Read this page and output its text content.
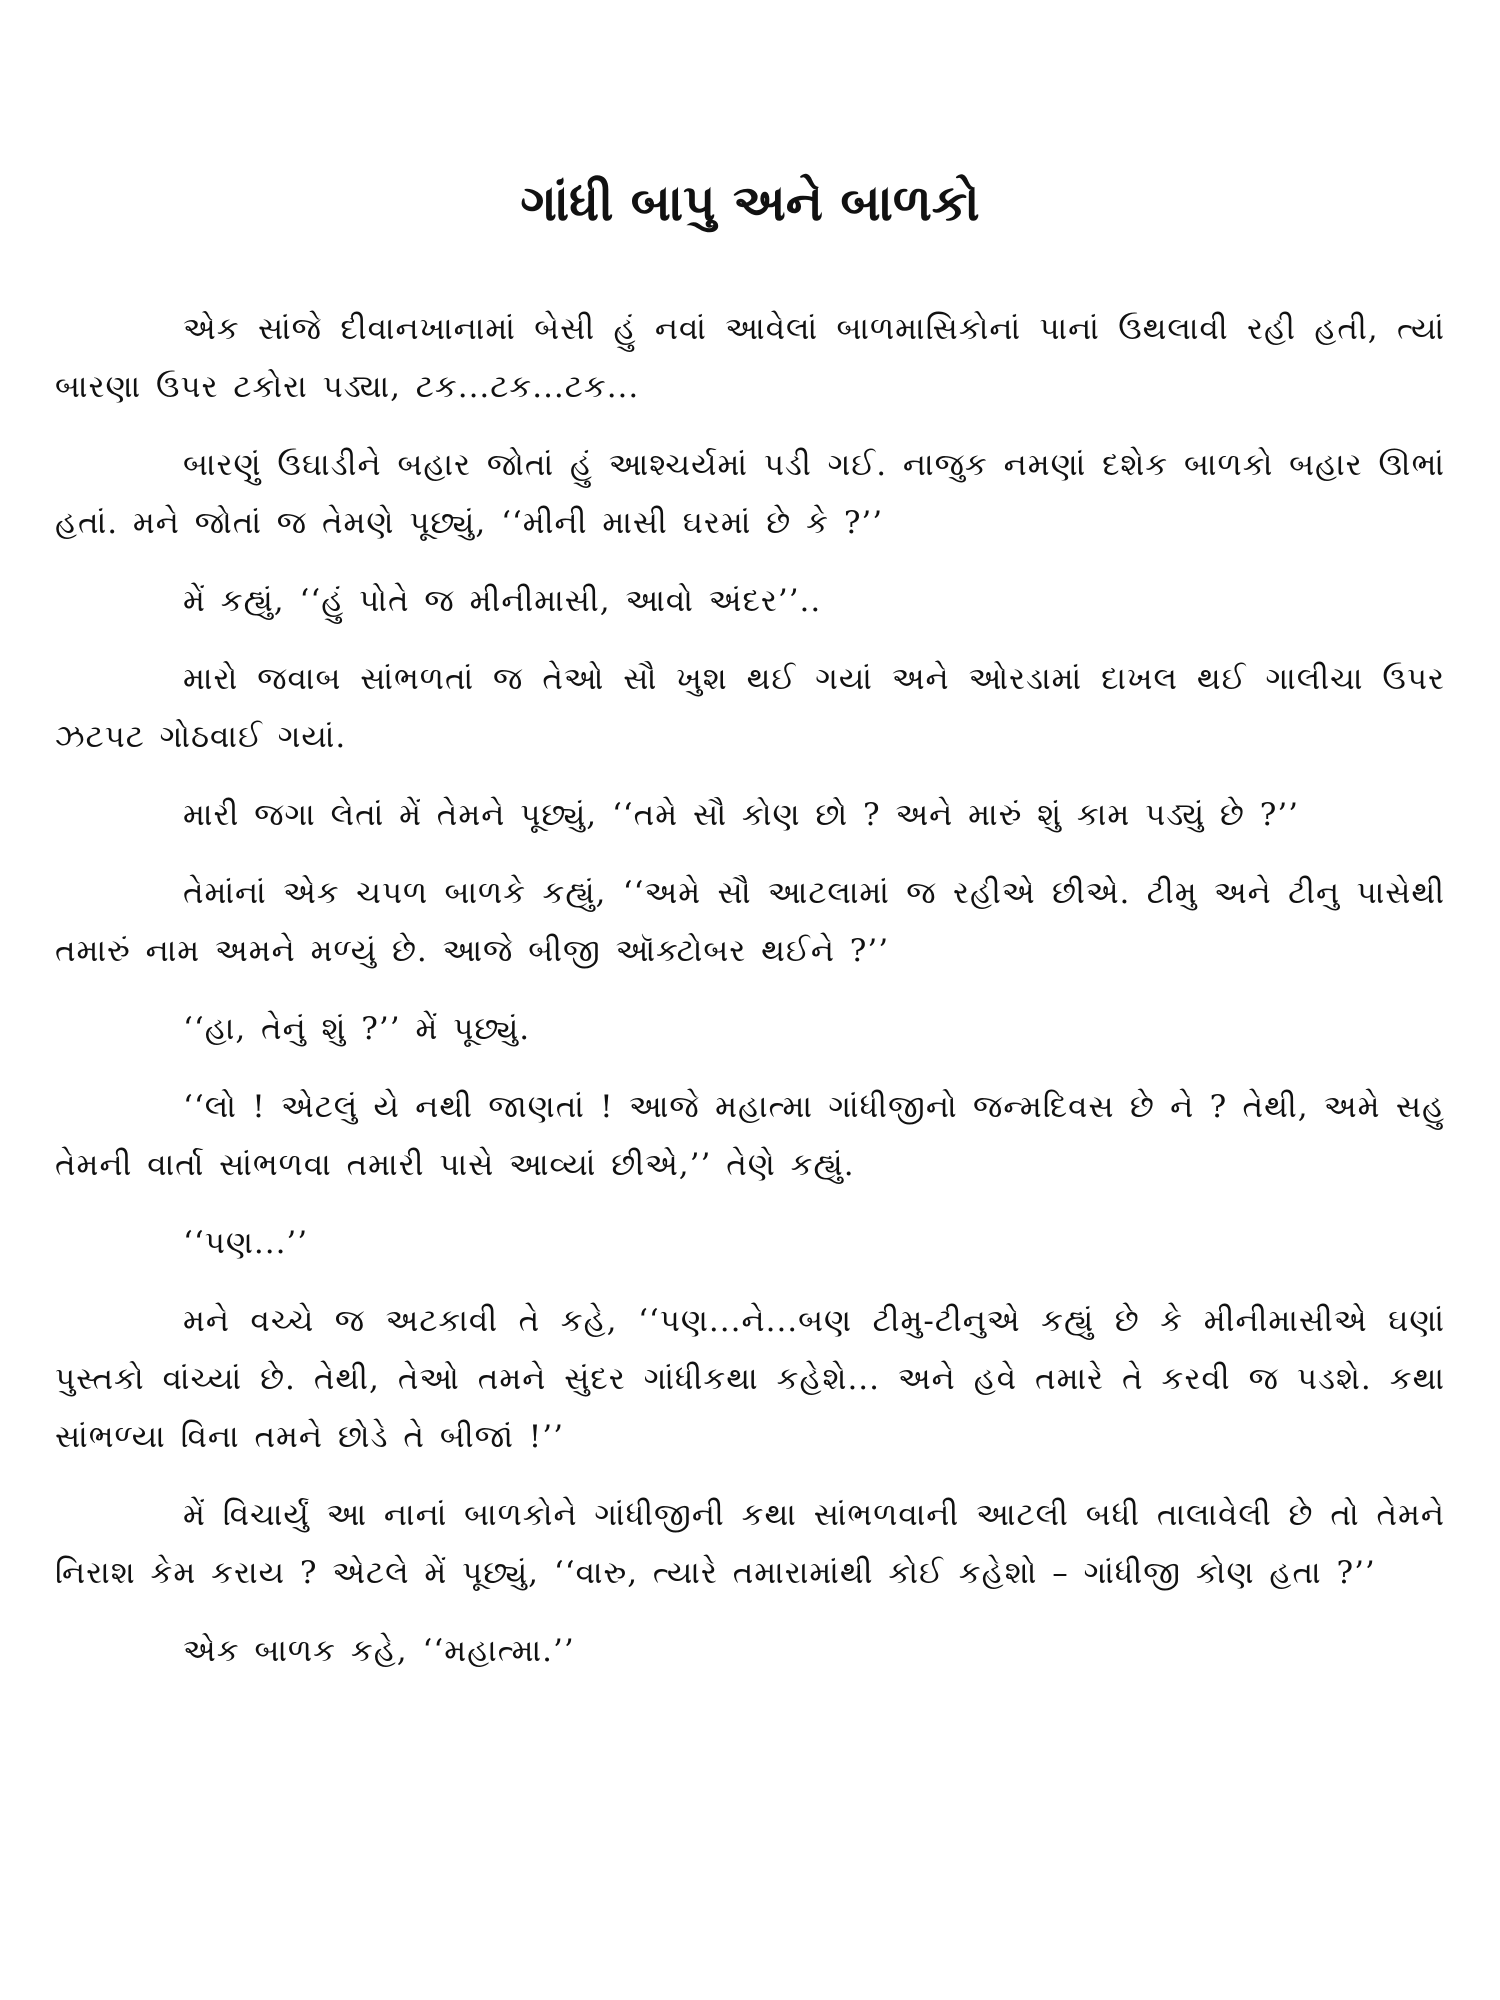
ગાંધી બાપુ અને બાળકો

એક સાંજે દીવાનખાનામાં બેસી હું નવાં આવેલાં બાળમાસિકોનાં પાનાં ઉથલાવી રહી હતી, ત્યાં બારણા ઉપર ટકોરા પડ્યા, ટક...ટક...ટક...

બારણું ઉઘાડીને બહાર જોતાં હું આશ્ચર્યમાં પડી ગઈ. નાજુક નમણાં દશેક બાળકો બહાર ઊભાં હતાં. મને જોતાં જ તેમણે પૂછ્યું, ‘‘મીની માસી ઘરમાં છે કે ?’’

મેં કહ્યું, ‘‘હું પોતે જ મીનીમાસી, આવો અંદર’’..

મારો જવાબ સાંભળતાં જ તેઓ સૌ ખુશ થઈ ગયાં અને ઓરડામાં દાખલ થઈ ગાલીચા ઉપર ઝટપટ ગોઠવાઈ ગયાં.

મારી જગા લેતાં મેં તેમને પૂછ્યું, ‘‘તમે સૌ કોણ છો ? અને મારું શું કામ પડ્યું છે ?’’

તેમાંનાં એક ચપળ બાળકે કહ્યું, ‘‘અમે સૌ આટલામાં જ રહીએ છીએ. ટીમુ અને ટીનુ પાસેથી તમારું નામ અમને મળ્યું છે. આજે બીજી ઑક્ટોબર થઈને ?’’

‘‘હા, તેનું શું ?’’ મેં પૂછ્યું.

‘‘લો ! એટલું યે નથી જાણતાં ! આજે મહાત્મા ગાંધીજીનો જન્મદિવસ છે ને ? તેથી, અમે સહુ તેમની વાર્તા સાંભળવા તમારી પાસે આવ્યાં છીએ,’’ તેણે કહ્યું.

‘‘પણ...’’

મને વચ્ચે જ અટકાવી તે કહે, ‘‘પણ...ને...બણ ટીમુ-ટીનુએ કહ્યું છે કે મીનીમાસીએ ઘણાં પુસ્તકો વાંચ્યાં છે. તેથી, તેઓ તમને સુંદર ગાંધીકથા કહેશે... અને હવે તમારે તે કરવી જ પડશે. કથા સાંભળ્યા વિના તમને છોડે તે બીજાં !’’

મેં વિચાર્યું આ નાનાં બાળકોને ગાંધીજીની કથા સાંભળવાની આટલી બધી તાલાવેલી છે તો તેમને નિરાશ કેમ કરાય ? એટલે મેં પૂછ્યું, ‘‘વારુ, ત્યારે તમારામાંથી કોઈ કહેશો – ગાંધીજી કોણ હતા ?’’

એક બાળક કહે, ‘‘મહાત્મા.’’
